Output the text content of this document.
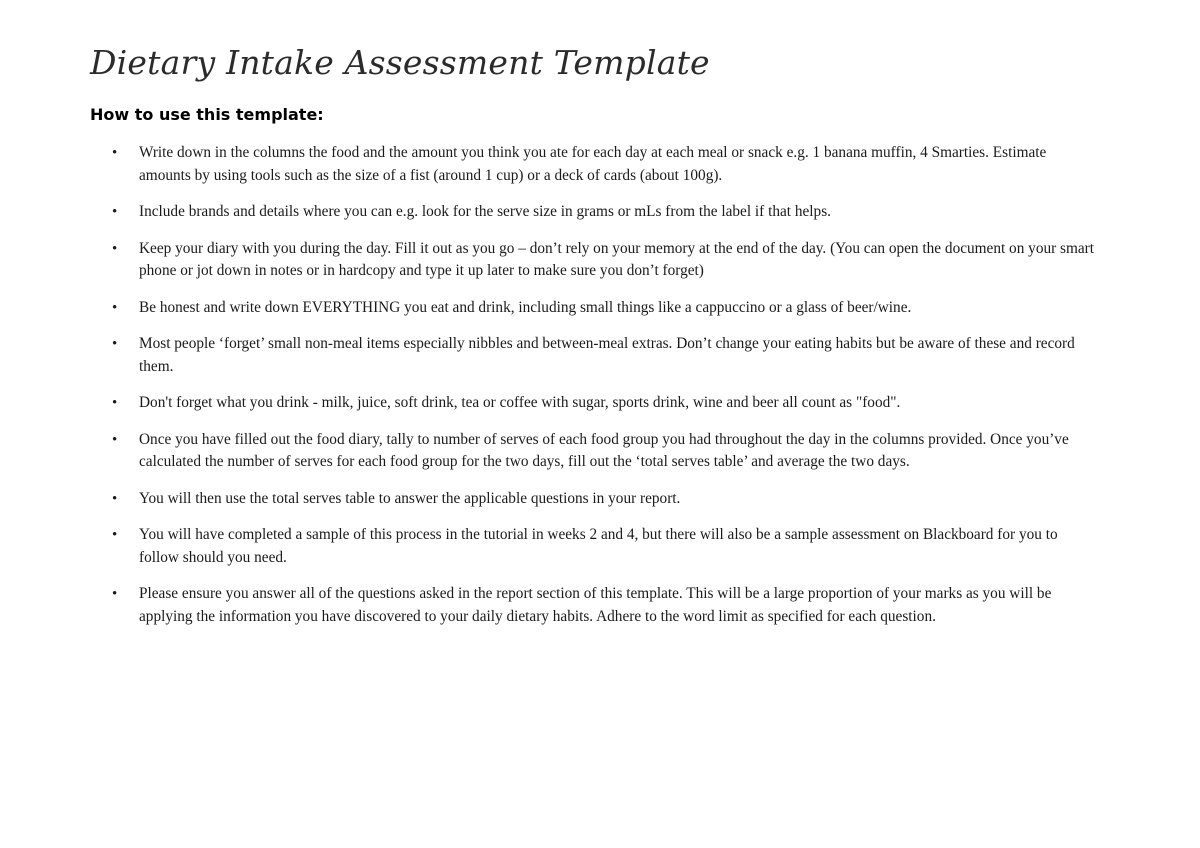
Dietary Intake Assessment Template
How to use this template:
• Write down in the columns the food and the amount you think you ate for each day at each meal or snack e.g. 1 banana muffin, 4 Smarties. Estimate amounts by using tools such as the size of a fist (around 1 cup) or a deck of cards (about 100g).
• Include brands and details where you can e.g. look for the serve size in grams or mLs from the label if that helps.
• Keep your diary with you during the day. Fill it out as you go – don’t rely on your memory at the end of the day. (You can open the document on your smart phone or jot down in notes or in hardcopy and type it up later to make sure you don’t forget)
• Be honest and write down EVERYTHING you eat and drink, including small things like a cappuccino or a glass of beer/wine.
• Most people ‘forget’ small non-meal items especially nibbles and between-meal extras. Don’t change your eating habits but be aware of these and record them.
• Don't forget what you drink - milk, juice, soft drink, tea or coffee with sugar, sports drink, wine and beer all count as "food".
• Once you have filled out the food diary, tally to number of serves of each food group you had throughout the day in the columns provided. Once you’ve calculated the number of serves for each food group for the two days, fill out the ‘total serves table’ and average the two days.
• You will then use the total serves table to answer the applicable questions in your report.
• You will have completed a sample of this process in the tutorial in weeks 2 and 4, but there will also be a sample assessment on Blackboard for you to follow should you need.
• Please ensure you answer all of the questions asked in the report section of this template. This will be a large proportion of your marks as you will be applying the information you have discovered to your daily dietary habits. Adhere to the word limit as specified for each question.
